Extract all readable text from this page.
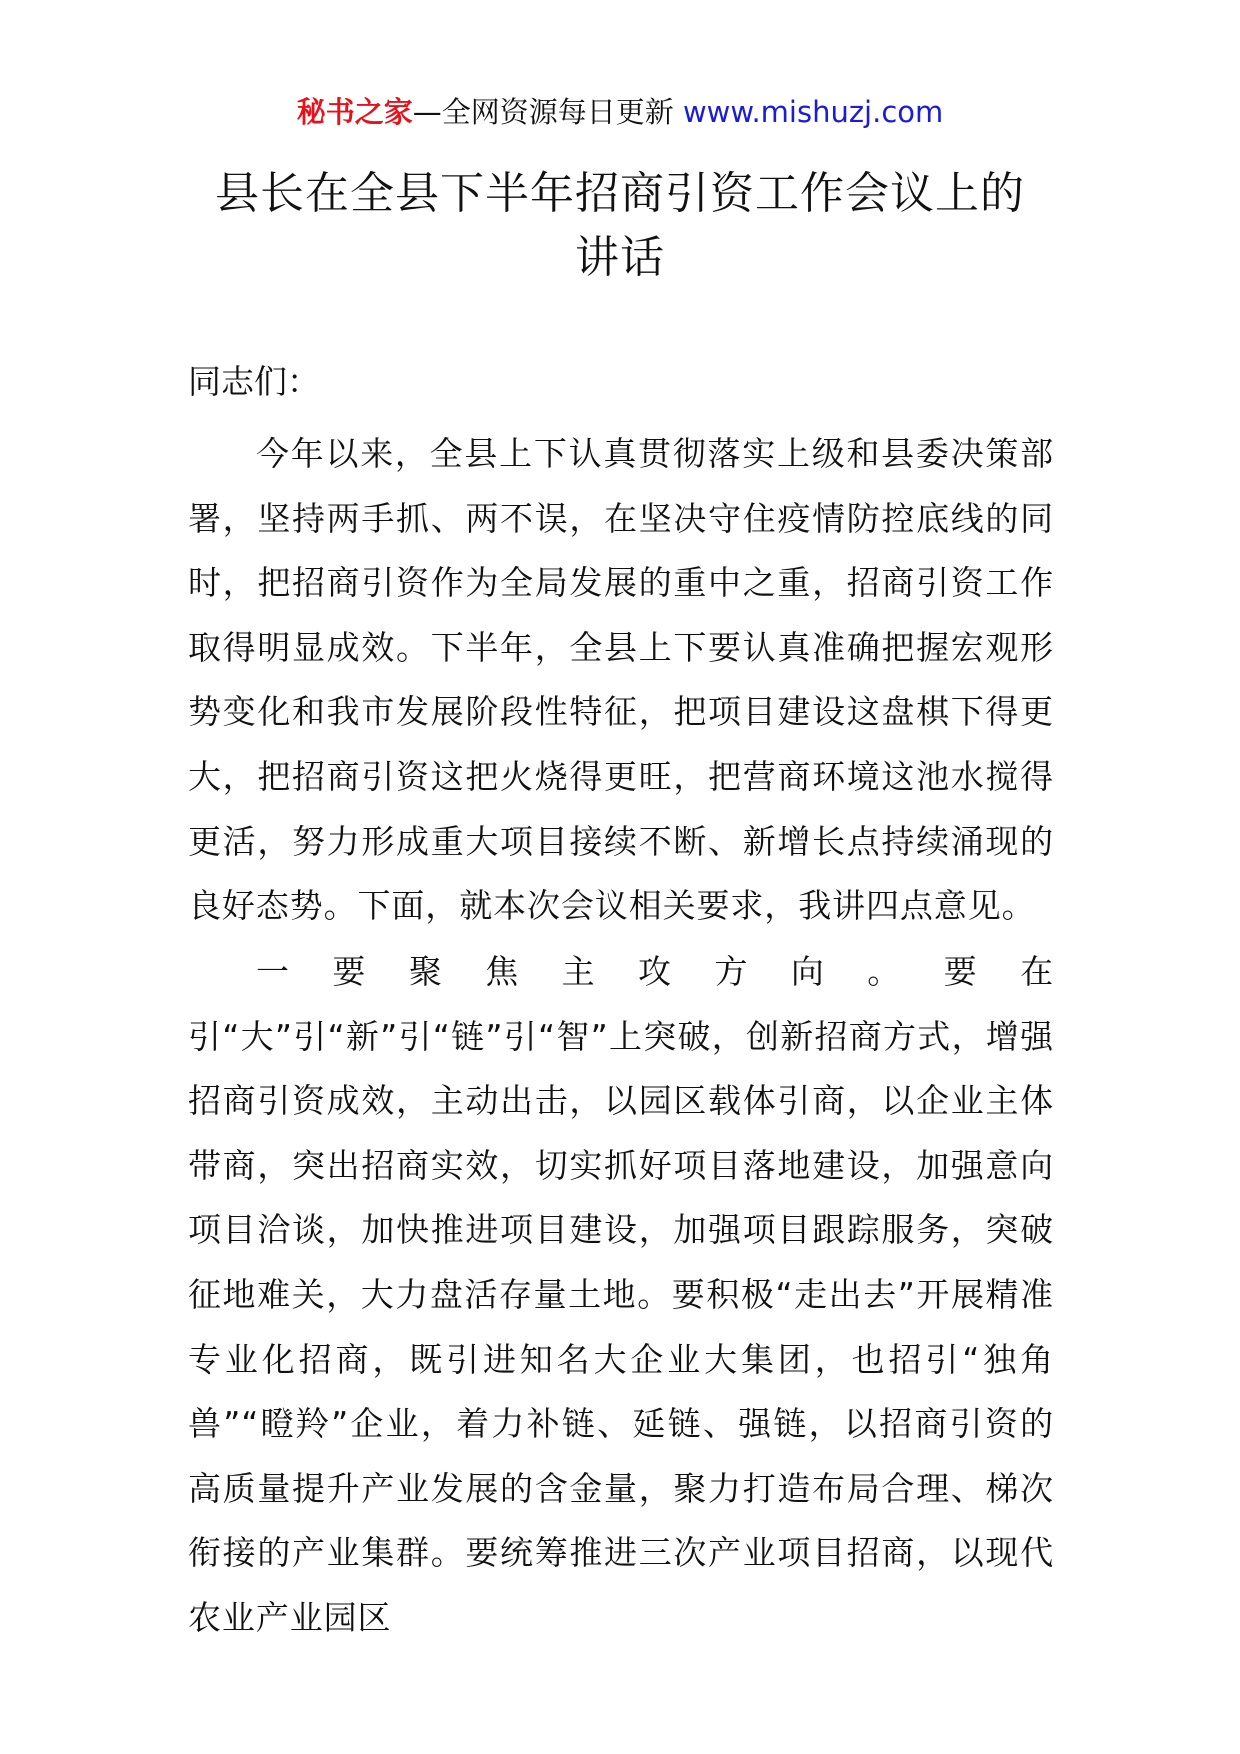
秘书之家—全网资源每日更新 www.mishuzj.com
县长在全县下半年招商引资工作会议上的
讲话

同志们：

今年以来，全县上下认真贯彻落实上级和县委决策部署，坚持两手抓、两不误，在坚决守住疫情防控底线的同时，把招商引资作为全局发展的重中之重，招商引资工作取得明显成效。下半年，全县上下要认真准确把握宏观形势变化和我市发展阶段性特征，把项目建设这盘棋下得更大，把招商引资这把火烧得更旺，把营商环境这池水搅得更活，努力形成重大项目接续不断、新增长点持续涌现的良好态势。下面，就本次会议相关要求，我讲四点意见。

一要聚焦主攻方向。要在引“大”引“新”引“链”引“智”上突破，创新招商方式，增强招商引资成效，主动出击，以园区载体引商，以企业主体带商，突出招商实效，切实抓好项目落地建设，加强意向项目洽谈，加快推进项目建设，加强项目跟踪服务，突破征地难关，大力盘活存量土地。要积极“走出去”开展精准专业化招商，既引进知名大企业大集团，也招引“独角兽”“瞪羚”企业，着力补链、延链、强链，以招商引资的高质量提升产业发展的含金量，聚力打造布局合理、梯次衔接的产业集群。要统筹推进三次产业项目招商，以现代农业产业园区
